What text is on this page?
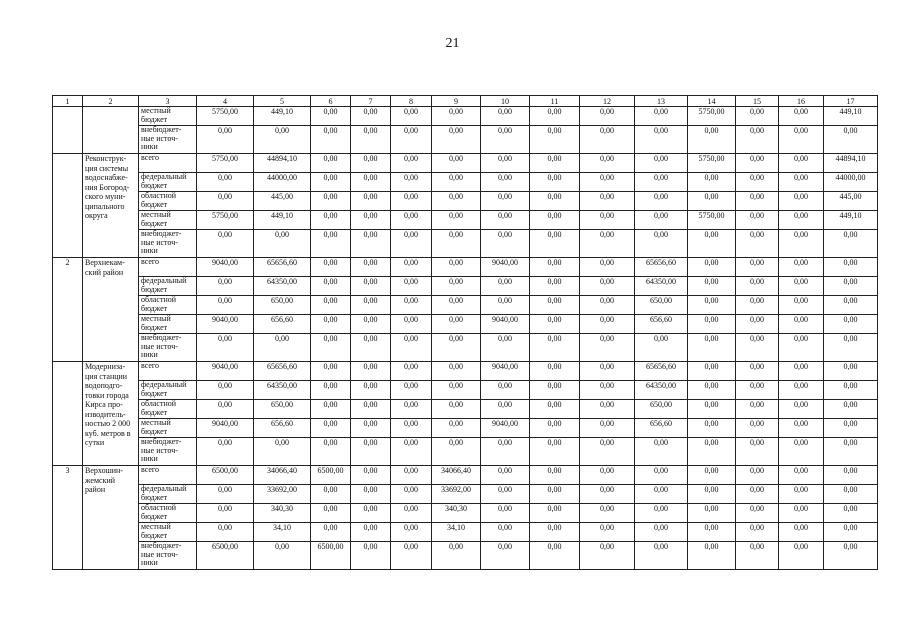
21
1	2	3	4	5	6	7	8	9	10	11	12	13	14	15	16	17
		местный бюджет	5750,00	449,10	0,00	0,00	0,00	0,00	0,00	0,00	0,00	0,00	5750,00	0,00	0,00	449,10
		внебюджет-ные источ-ники	0,00	0,00	0,00	0,00	0,00	0,00	0,00	0,00	0,00	0,00	0,00	0,00	0,00	0,00
	Реконструк-ция системы водоснабже-ния Богород-ского муни-ципального округа	всего	5750,00	44894,10	0,00	0,00	0,00	0,00	0,00	0,00	0,00	0,00	5750,00	0,00	0,00	44894,10
		федеральный бюджет	0,00	44000,00	0,00	0,00	0,00	0,00	0,00	0,00	0,00	0,00	0,00	0,00	0,00	44000,00
		областной бюджет	0,00	445,00	0,00	0,00	0,00	0,00	0,00	0,00	0,00	0,00	0,00	0,00	0,00	445,00
		местный бюджет	5750,00	449,10	0,00	0,00	0,00	0,00	0,00	0,00	0,00	0,00	5750,00	0,00	0,00	449,10
		внебюджет-ные источ-ники	0,00	0,00	0,00	0,00	0,00	0,00	0,00	0,00	0,00	0,00	0,00	0,00	0,00	0,00
2	Верхнекам-ский район	всего	9040,00	65656,60	0,00	0,00	0,00	0,00	9040,00	0,00	0,00	65656,60	0,00	0,00	0,00	0,00
		федеральный бюджет	0,00	64350,00	0,00	0,00	0,00	0,00	0,00	0,00	0,00	64350,00	0,00	0,00	0,00	0,00
		областной бюджет	0,00	650,00	0,00	0,00	0,00	0,00	0,00	0,00	0,00	650,00	0,00	0,00	0,00	0,00
		местный бюджет	9040,00	656,60	0,00	0,00	0,00	0,00	9040,00	0,00	0,00	656,60	0,00	0,00	0,00	0,00
		внебюджет-ные источ-ники	0,00	0,00	0,00	0,00	0,00	0,00	0,00	0,00	0,00	0,00	0,00	0,00	0,00	0,00
	Модерниза-ция станции водоподго-товки города Кирса про-изводитель-ностью 2 000 куб. метров в сутки	всего	9040,00	65656,60	0,00	0,00	0,00	0,00	9040,00	0,00	0,00	65656,60	0,00	0,00	0,00	0,00
		федеральный бюджет	0,00	64350,00	0,00	0,00	0,00	0,00	0,00	0,00	0,00	64350,00	0,00	0,00	0,00	0,00
		областной бюджет	0,00	650,00	0,00	0,00	0,00	0,00	0,00	0,00	0,00	650,00	0,00	0,00	0,00	0,00
		местный бюджет	9040,00	656,60	0,00	0,00	0,00	0,00	9040,00	0,00	0,00	656,60	0,00	0,00	0,00	0,00
		внебюджет-ные источ-ники	0,00	0,00	0,00	0,00	0,00	0,00	0,00	0,00	0,00	0,00	0,00	0,00	0,00	0,00
3	Верхошин-жемский район	всего	6500,00	34066,40	6500,00	0,00	0,00	34066,40	0,00	0,00	0,00	0,00	0,00	0,00	0,00	0,00
		федеральный бюджет	0,00	33692,00	0,00	0,00	0,00	33692,00	0,00	0,00	0,00	0,00	0,00	0,00	0,00	0,00
		областной бюджет	0,00	340,30	0,00	0,00	0,00	340,30	0,00	0,00	0,00	0,00	0,00	0,00	0,00	0,00
		местный бюджет	0,00	34,10	0,00	0,00	0,00	34,10	0,00	0,00	0,00	0,00	0,00	0,00	0,00	0,00
		внебюджет-ные источ-ники	6500,00	0,00	6500,00	0,00	0,00	0,00	0,00	0,00	0,00	0,00	0,00	0,00	0,00	0,00
